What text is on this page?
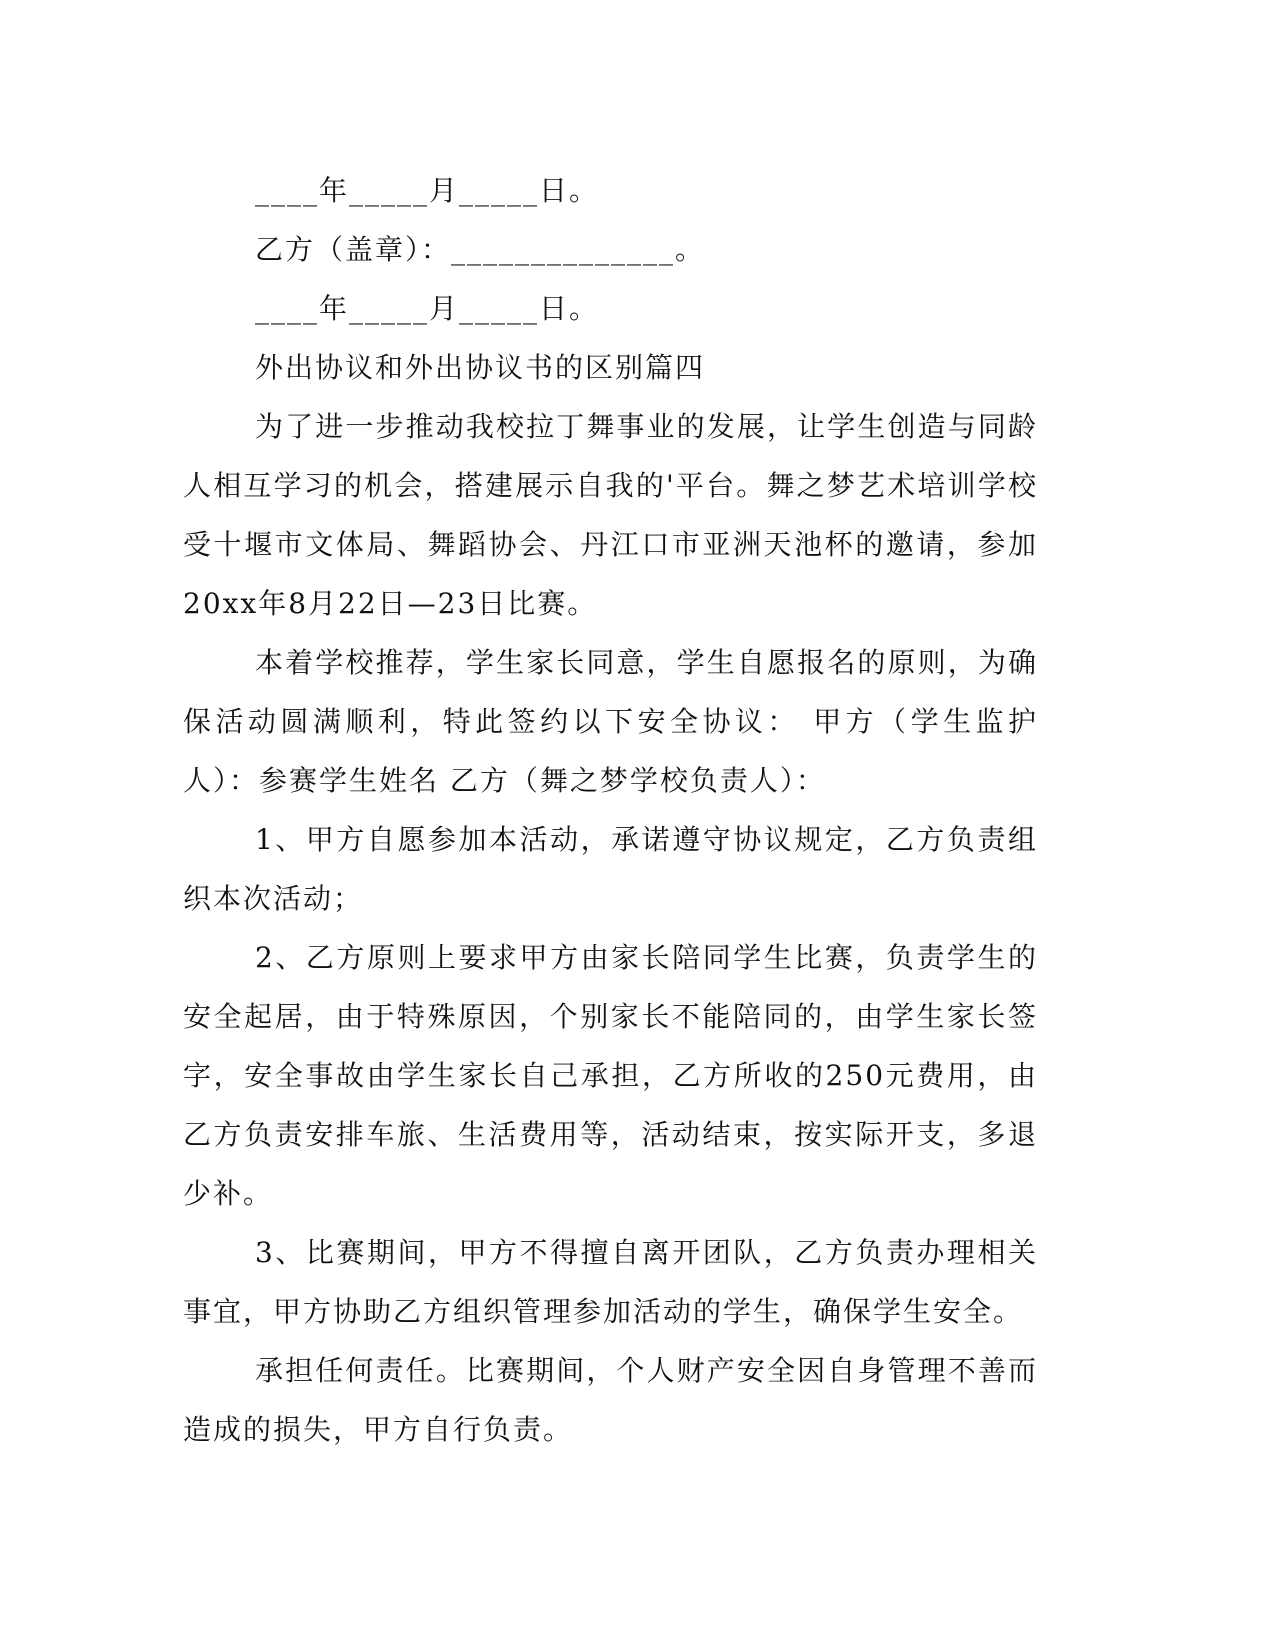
____年_____月_____日。

乙方（盖章）：______________。

____年_____月_____日。

外出协议和外出协议书的区别篇四

为了进一步推动我校拉丁舞事业的发展，让学生创造与同龄人相互学习的机会，搭建展示自我的'平台。舞之梦艺术培训学校受十堰市文体局、舞蹈协会、丹江口市亚洲天池杯的邀请，参加20xx年8月22日—23日比赛。

本着学校推荐，学生家长同意，学生自愿报名的原则，为确保活动圆满顺利，特此签约以下安全协议： 甲方（学生监护人）：参赛学生姓名 乙方（舞之梦学校负责人）：

1、甲方自愿参加本活动，承诺遵守协议规定，乙方负责组织本次活动；

2、乙方原则上要求甲方由家长陪同学生比赛，负责学生的安全起居，由于特殊原因，个别家长不能陪同的，由学生家长签字，安全事故由学生家长自己承担，乙方所收的250元费用，由乙方负责安排车旅、生活费用等，活动结束，按实际开支，多退少补。

3、比赛期间，甲方不得擅自离开团队，乙方负责办理相关事宜，甲方协助乙方组织管理参加活动的学生，确保学生安全。

承担任何责任。比赛期间，个人财产安全因自身管理不善而造成的损失，甲方自行负责。
